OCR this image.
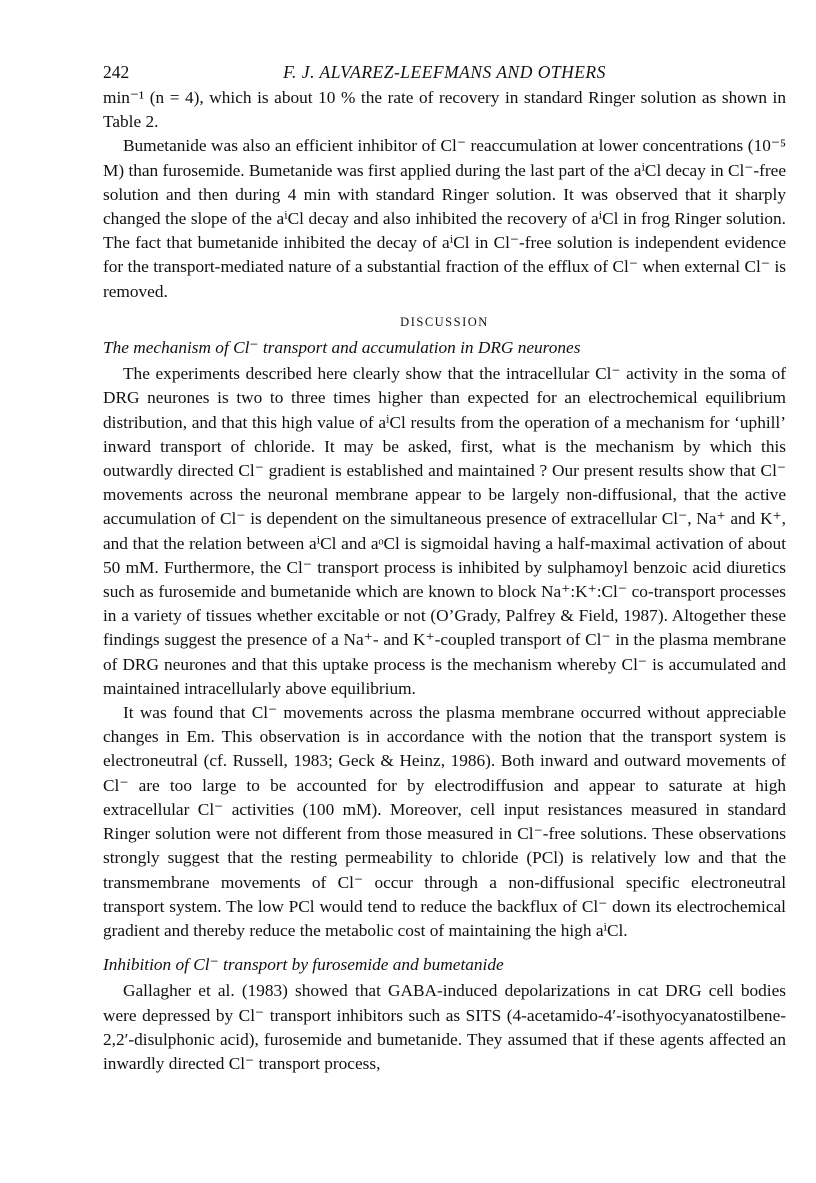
242	F. J. ALVAREZ-LEEFMANS AND OTHERS

min⁻¹ (n = 4), which is about 10 % the rate of recovery in standard Ringer solution as shown in Table 2.

Bumetanide was also an efficient inhibitor of Cl⁻ reaccumulation at lower concentrations (10⁻⁵ M) than furosemide. Bumetanide was first applied during the last part of the aⁱCl decay in Cl⁻-free solution and then during 4 min with standard Ringer solution. It was observed that it sharply changed the slope of the aⁱCl decay and also inhibited the recovery of aⁱCl in frog Ringer solution. The fact that bumetanide inhibited the decay of aⁱCl in Cl⁻-free solution is independent evidence for the transport-mediated nature of a substantial fraction of the efflux of Cl⁻ when external Cl⁻ is removed.

DISCUSSION
The mechanism of Cl⁻ transport and accumulation in DRG neurones

The experiments described here clearly show that the intracellular Cl⁻ activity in the soma of DRG neurones is two to three times higher than expected for an electrochemical equilibrium distribution, and that this high value of aⁱCl results from the operation of a mechanism for ‘uphill’ inward transport of chloride. It may be asked, first, what is the mechanism by which this outwardly directed Cl⁻ gradient is established and maintained ? Our present results show that Cl⁻ movements across the neuronal membrane appear to be largely non-diffusional, that the active accumulation of Cl⁻ is dependent on the simultaneous presence of extracellular Cl⁻, Na⁺ and K⁺, and that the relation between aⁱCl and aᵒCl is sigmoidal having a half-maximal activation of about 50 mM. Furthermore, the Cl⁻ transport process is inhibited by sulphamoyl benzoic acid diuretics such as furosemide and bumetanide which are known to block Na⁺:K⁺:Cl⁻ co-transport processes in a variety of tissues whether excitable or not (O’Grady, Palfrey & Field, 1987). Altogether these findings suggest the presence of a Na⁺- and K⁺-coupled transport of Cl⁻ in the plasma membrane of DRG neurones and that this uptake process is the mechanism whereby Cl⁻ is accumulated and maintained intracellularly above equilibrium.

It was found that Cl⁻ movements across the plasma membrane occurred without appreciable changes in Em. This observation is in accordance with the notion that the transport system is electroneutral (cf. Russell, 1983; Geck & Heinz, 1986). Both inward and outward movements of Cl⁻ are too large to be accounted for by electrodiffusion and appear to saturate at high extracellular Cl⁻ activities (100 mM). Moreover, cell input resistances measured in standard Ringer solution were not different from those measured in Cl⁻-free solutions. These observations strongly suggest that the resting permeability to chloride (PCl) is relatively low and that the transmembrane movements of Cl⁻ occur through a non-diffusional specific electroneutral transport system. The low PCl would tend to reduce the backflux of Cl⁻ down its electrochemical gradient and thereby reduce the metabolic cost of maintaining the high aⁱCl.

Inhibition of Cl⁻ transport by furosemide and bumetanide

Gallagher et al. (1983) showed that GABA-induced depolarizations in cat DRG cell bodies were depressed by Cl⁻ transport inhibitors such as SITS (4-acetamido-4′-isothyocyanatostilbene-2,2′-disulphonic acid), furosemide and bumetanide. They assumed that if these agents affected an inwardly directed Cl⁻ transport process,
